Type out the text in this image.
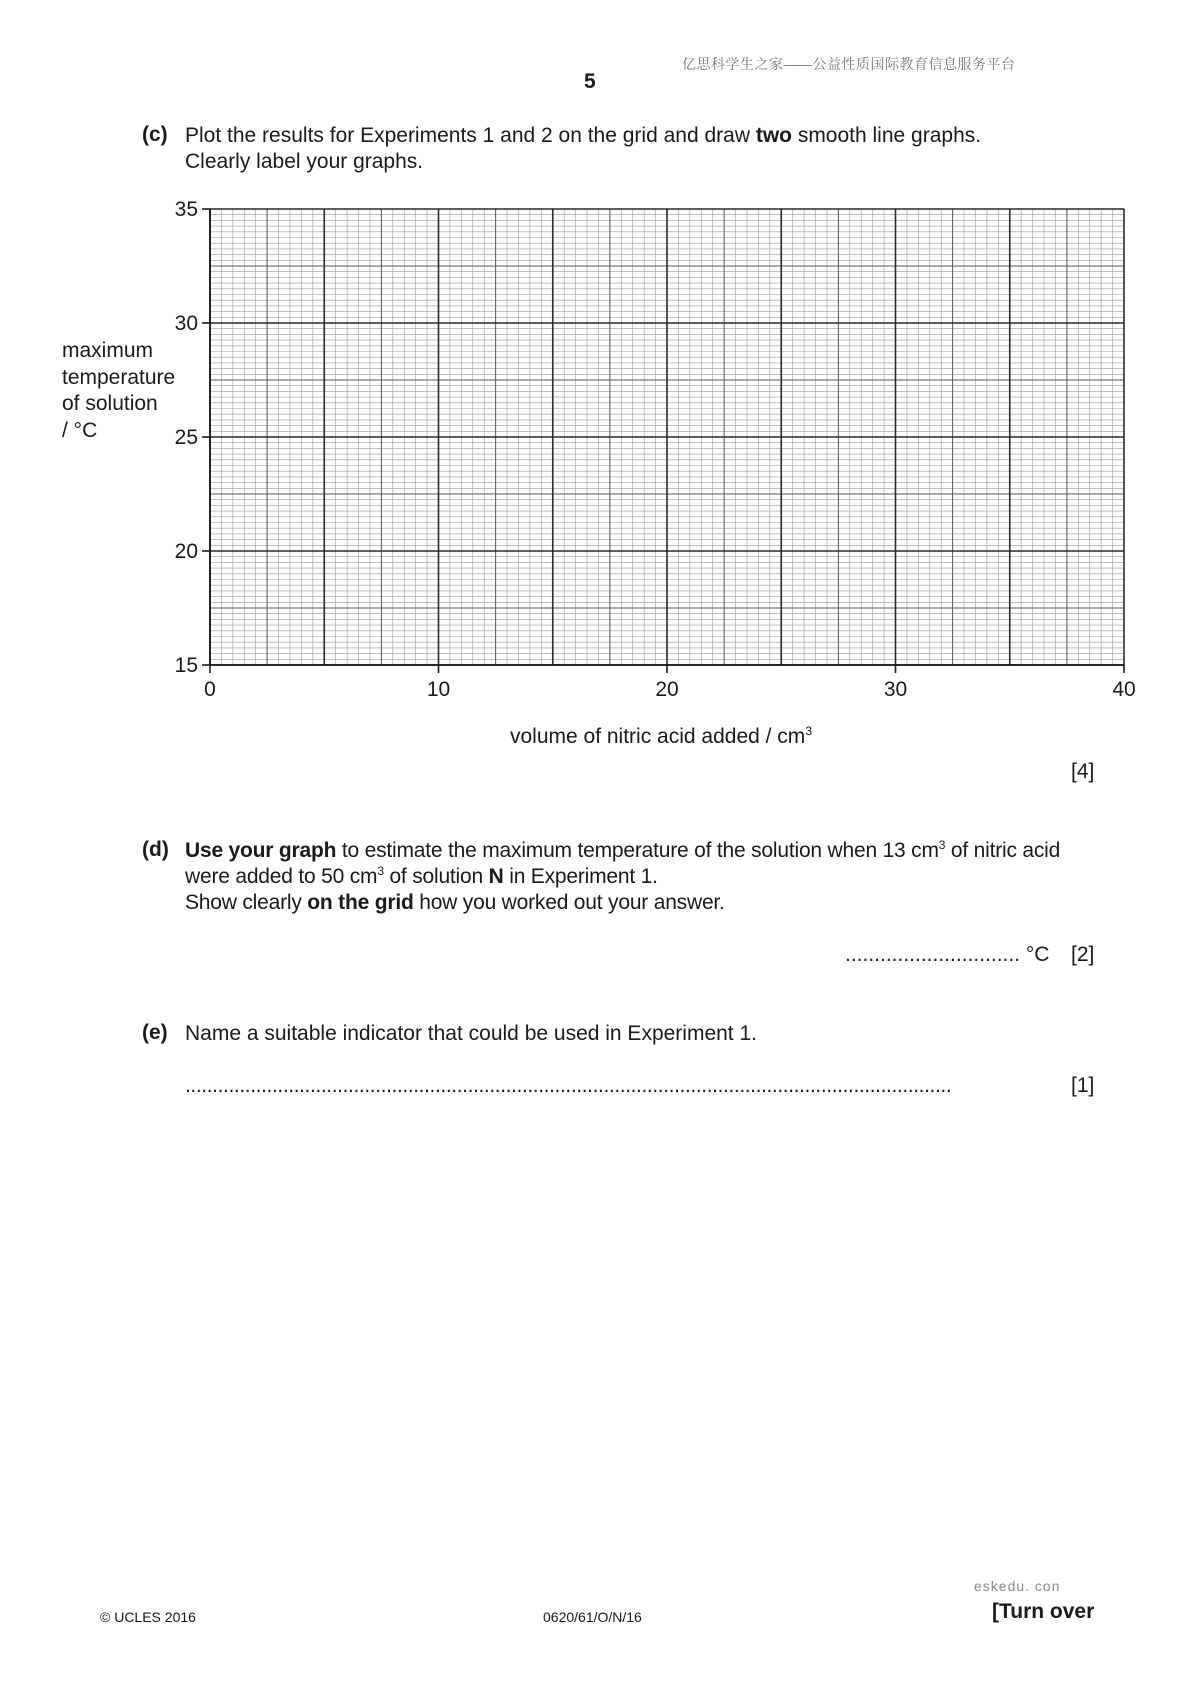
亿思科学生之家——公益性质国际教育信息服务平台
5
(c) Plot the results for Experiments 1 and 2 on the grid and draw two smooth line graphs.
Clearly label your graphs.
maximum
temperature
of solution
/ °C
15
20
25
30
35
0	10	20	30	40
volume of nitric acid added / $cm^3$
[4]
(d) Use your graph to estimate the maximum temperature of the solution when 13 $cm^3$ of nitric acid
were added to 50 $cm^3$ of solution N in Experiment 1.
Show clearly on the grid how you worked out your answer.
.............................. °C [2]
(e) Name a suitable indicator that could be used in Experiment 1.
.............................................................................................................................................	[1]
eskedu. con
© UCLES 2016	0620/61/O/N/16	[Turn over
